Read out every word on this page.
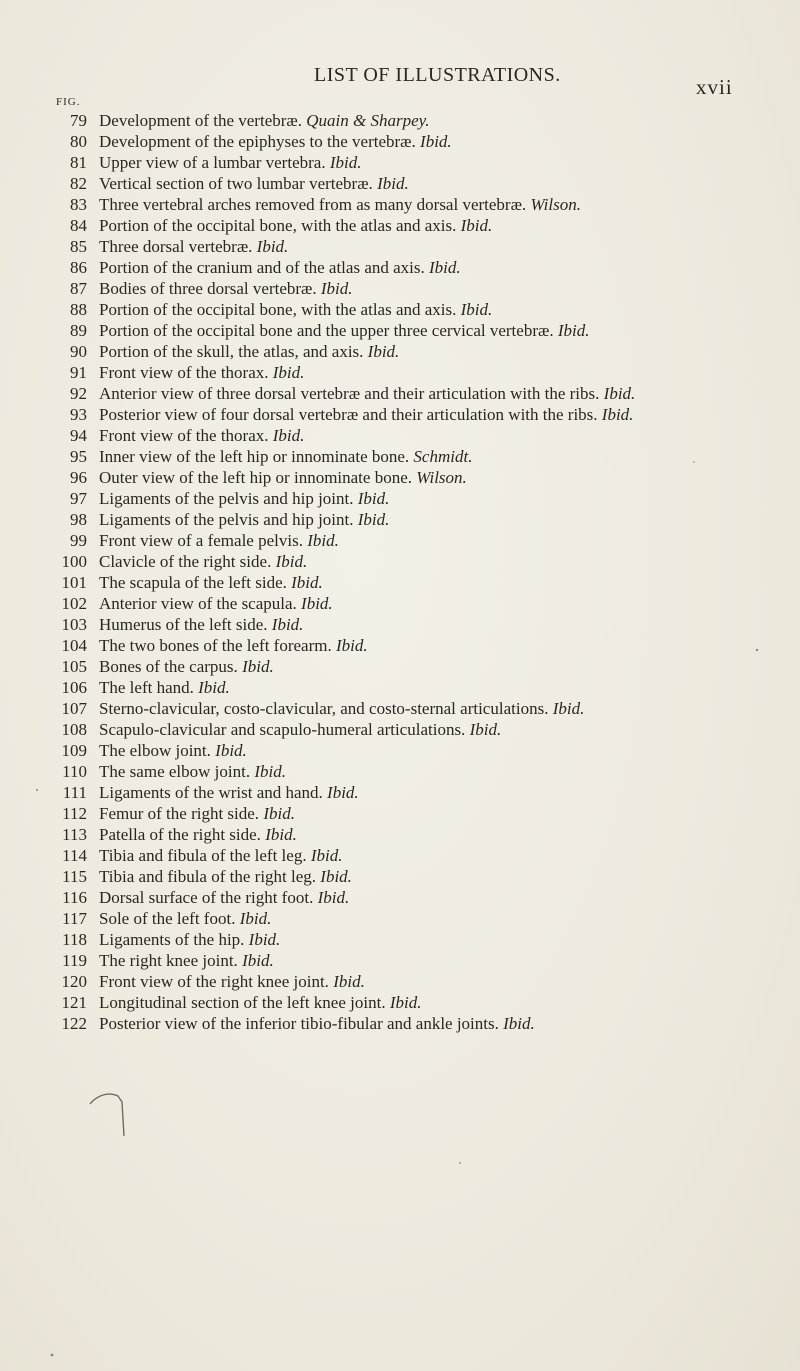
LIST OF ILLUSTRATIONS.	xvii
FIG.
79 Development of the vertebræ. Quain & Sharpey.
80 Development of the epiphyses to the vertebræ. Ibid.
81 Upper view of a lumbar vertebra. Ibid.
82 Vertical section of two lumbar vertebræ. Ibid.
83 Three vertebral arches removed from as many dorsal vertebræ. Wilson.
84 Portion of the occipital bone, with the atlas and axis. Ibid.
85 Three dorsal vertebræ. Ibid.
86 Portion of the cranium and of the atlas and axis. Ibid.
87 Bodies of three dorsal vertebræ. Ibid.
88 Portion of the occipital bone, with the atlas and axis. Ibid.
89 Portion of the occipital bone and the upper three cervical vertebræ. Ibid.
90 Portion of the skull, the atlas, and axis. Ibid.
91 Front view of the thorax. Ibid.
92 Anterior view of three dorsal vertebræ and their articulation with the ribs. Ibid.
93 Posterior view of four dorsal vertebræ and their articulation with the ribs. Ibid.
94 Front view of the thorax. Ibid.
95 Inner view of the left hip or innominate bone. Schmidt.
96 Outer view of the left hip or innominate bone. Wilson.
97 Ligaments of the pelvis and hip joint. Ibid.
98 Ligaments of the pelvis and hip joint. Ibid.
99 Front view of a female pelvis. Ibid.
100 Clavicle of the right side. Ibid.
101 The scapula of the left side. Ibid.
102 Anterior view of the scapula. Ibid.
103 Humerus of the left side. Ibid.
104 The two bones of the left forearm. Ibid.
105 Bones of the carpus. Ibid.
106 The left hand. Ibid.
107 Sterno-clavicular, costo-clavicular, and costo-sternal articulations. Ibid.
108 Scapulo-clavicular and scapulo-humeral articulations. Ibid.
109 The elbow joint. Ibid.
110 The same elbow joint. Ibid.
111 Ligaments of the wrist and hand. Ibid.
112 Femur of the right side. Ibid.
113 Patella of the right side. Ibid.
114 Tibia and fibula of the left leg. Ibid.
115 Tibia and fibula of the right leg. Ibid.
116 Dorsal surface of the right foot. Ibid.
117 Sole of the left foot. Ibid.
118 Ligaments of the hip. Ibid.
119 The right knee joint. Ibid.
120 Front view of the right knee joint. Ibid.
121 Longitudinal section of the left knee joint. Ibid.
122 Posterior view of the inferior tibio-fibular and ankle joints. Ibid.
